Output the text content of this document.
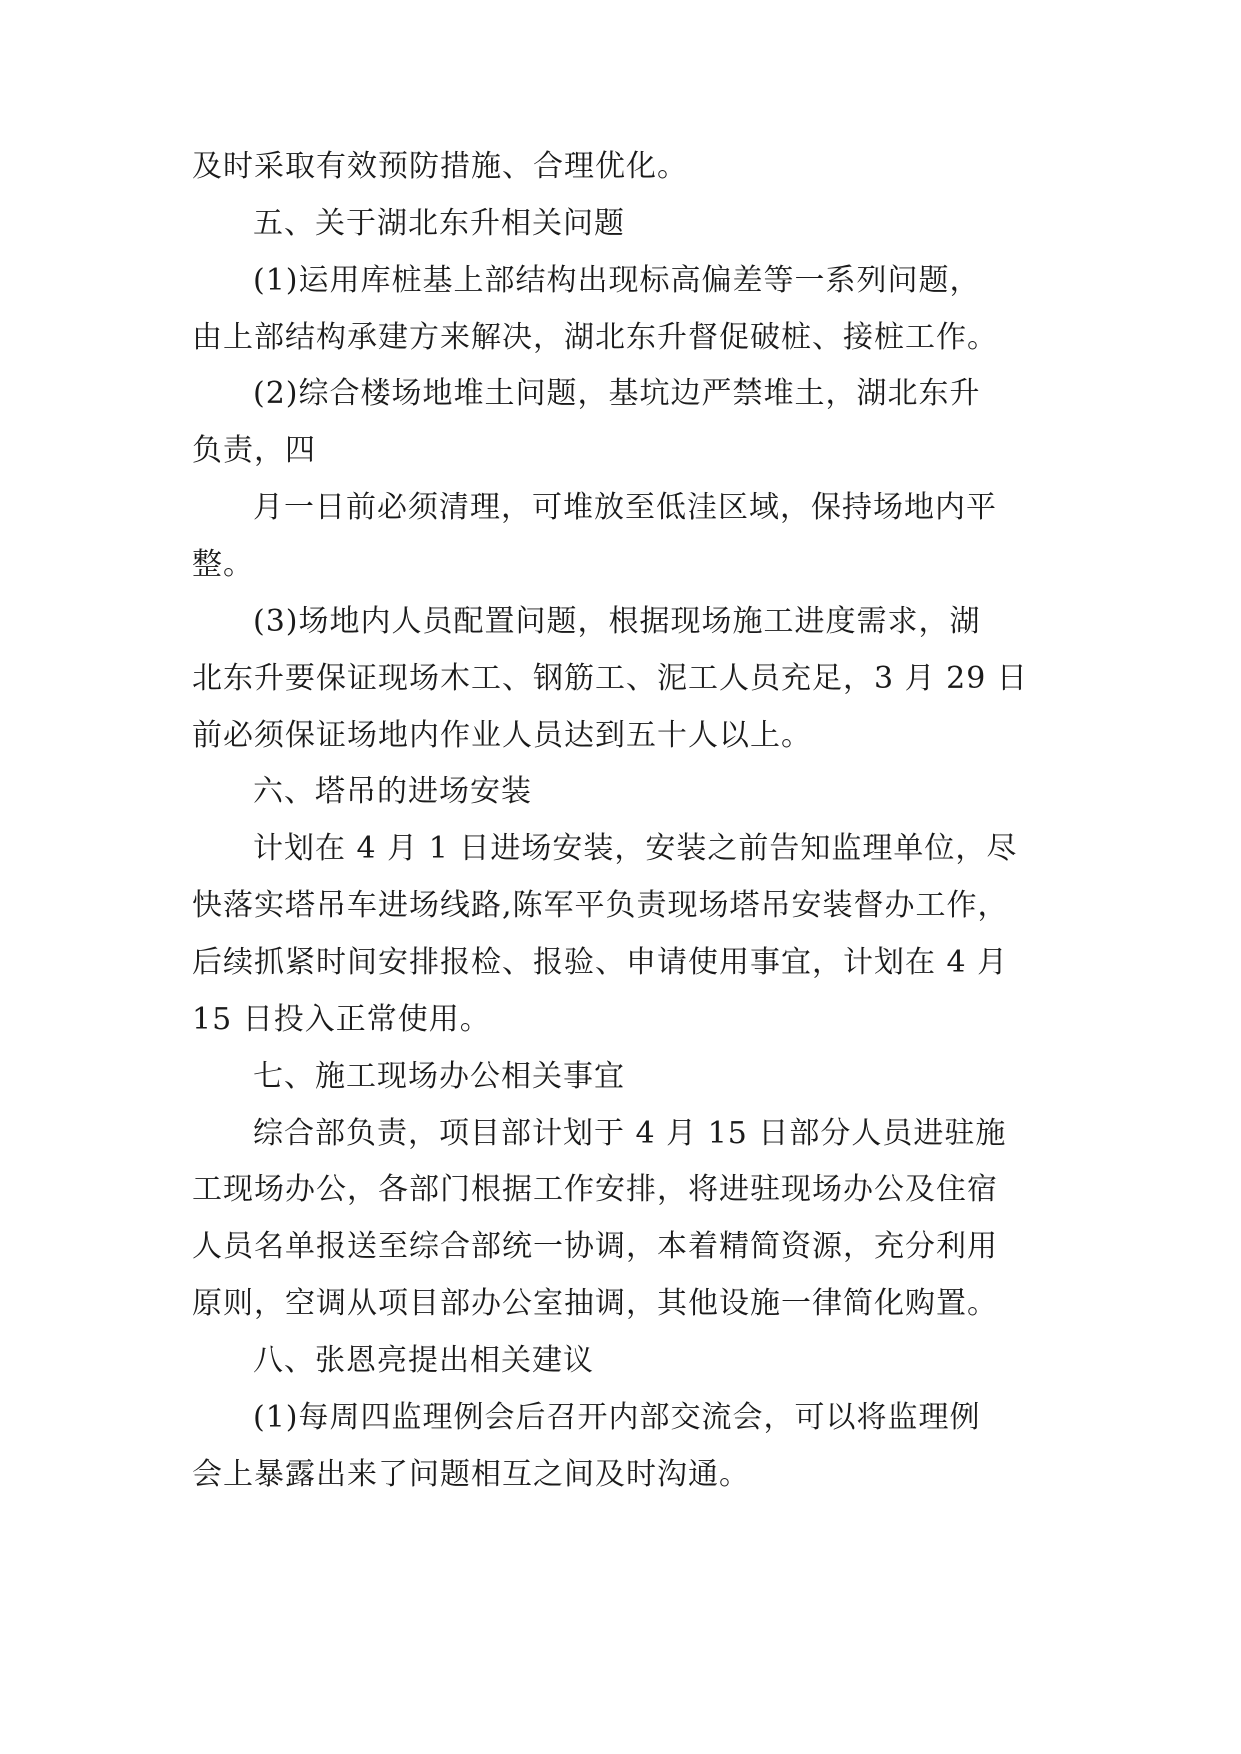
及时采取有效预防措施、合理优化。
五、关于湖北东升相关问题
(1)运用库桩基上部结构出现标高偏差等一系列问题，
由上部结构承建方来解决，湖北东升督促破桩、接桩工作。
(2)综合楼场地堆土问题，基坑边严禁堆土，湖北东升
负责，四
月一日前必须清理，可堆放至低洼区域，保持场地内平
整。
(3)场地内人员配置问题，根据现场施工进度需求，湖
北东升要保证现场木工、钢筋工、泥工人员充足，3 月 29 日
前必须保证场地内作业人员达到五十人以上。
六、塔吊的进场安装
计划在 4 月 1 日进场安装，安装之前告知监理单位，尽
快落实塔吊车进场线路,陈军平负责现场塔吊安装督办工作，
后续抓紧时间安排报检、报验、申请使用事宜，计划在 4 月
15 日投入正常使用。
七、施工现场办公相关事宜
综合部负责，项目部计划于 4 月 15 日部分人员进驻施
工现场办公，各部门根据工作安排，将进驻现场办公及住宿
人员名单报送至综合部统一协调，本着精简资源，充分利用
原则，空调从项目部办公室抽调，其他设施一律简化购置。
八、张恩亮提出相关建议
(1)每周四监理例会后召开内部交流会，可以将监理例
会上暴露出来了问题相互之间及时沟通。
